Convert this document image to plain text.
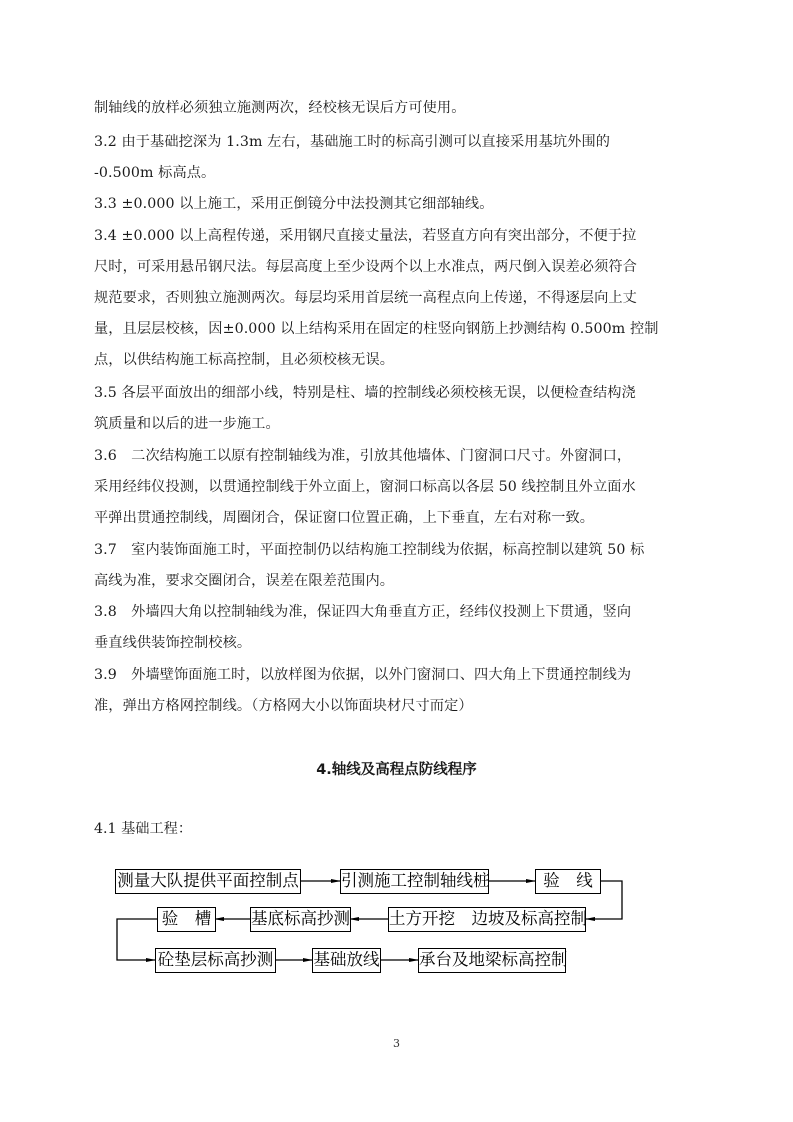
制轴线的放样必须独立施测两次，经校核无误后方可使用。
3.2 由于基础挖深为 1.3m 左右，基础施工时的标高引测可以直接采用基坑外围的
-0.500m 标高点。
3.3 ±0.000 以上施工，采用正倒镜分中法投测其它细部轴线。
3.4 ±0.000 以上高程传递，采用钢尺直接丈量法，若竖直方向有突出部分，不便于拉
尺时，可采用悬吊钢尺法。每层高度上至少设两个以上水准点，两尺倒入误差必须符合
规范要求，否则独立施测两次。每层均采用首层统一高程点向上传递，不得逐层向上丈
量，且层层校核，因±0.000 以上结构采用在固定的柱竖向钢筋上抄测结构 0.500m 控制
点，以供结构施工标高控制，且必须校核无误。
3.5 各层平面放出的细部小线，特别是柱、墙的控制线必须校核无误，以便检查结构浇
筑质量和以后的进一步施工。
3.6　二次结构施工以原有控制轴线为准，引放其他墙体、门窗洞口尺寸。外窗洞口，
采用经纬仪投测，以贯通控制线于外立面上，窗洞口标高以各层 50 线控制且外立面水
平弹出贯通控制线，周圈闭合，保证窗口位置正确，上下垂直，左右对称一致。
3.7　室内装饰面施工时，平面控制仍以结构施工控制线为依据，标高控制以建筑 50 标
高线为准，要求交圈闭合，误差在限差范围内。
3.8　外墙四大角以控制轴线为准，保证四大角垂直方正，经纬仪投测上下贯通，竖向
垂直线供装饰控制校核。
3.9　外墙壁饰面施工时，以放样图为依据，以外门窗洞口、四大角上下贯通控制线为
准，弹出方格网控制线。（方格网大小以饰面块材尺寸而定）
4.轴线及高程点防线程序
4.1 基础工程：
测量大队提供平面控制点	引测施工控制轴线桩	验　线
验　槽 基底标高抄测 土方开挖　边坡及标高控制
砼垫层标高抄测 基础放线 承台及地梁标高控制
3
